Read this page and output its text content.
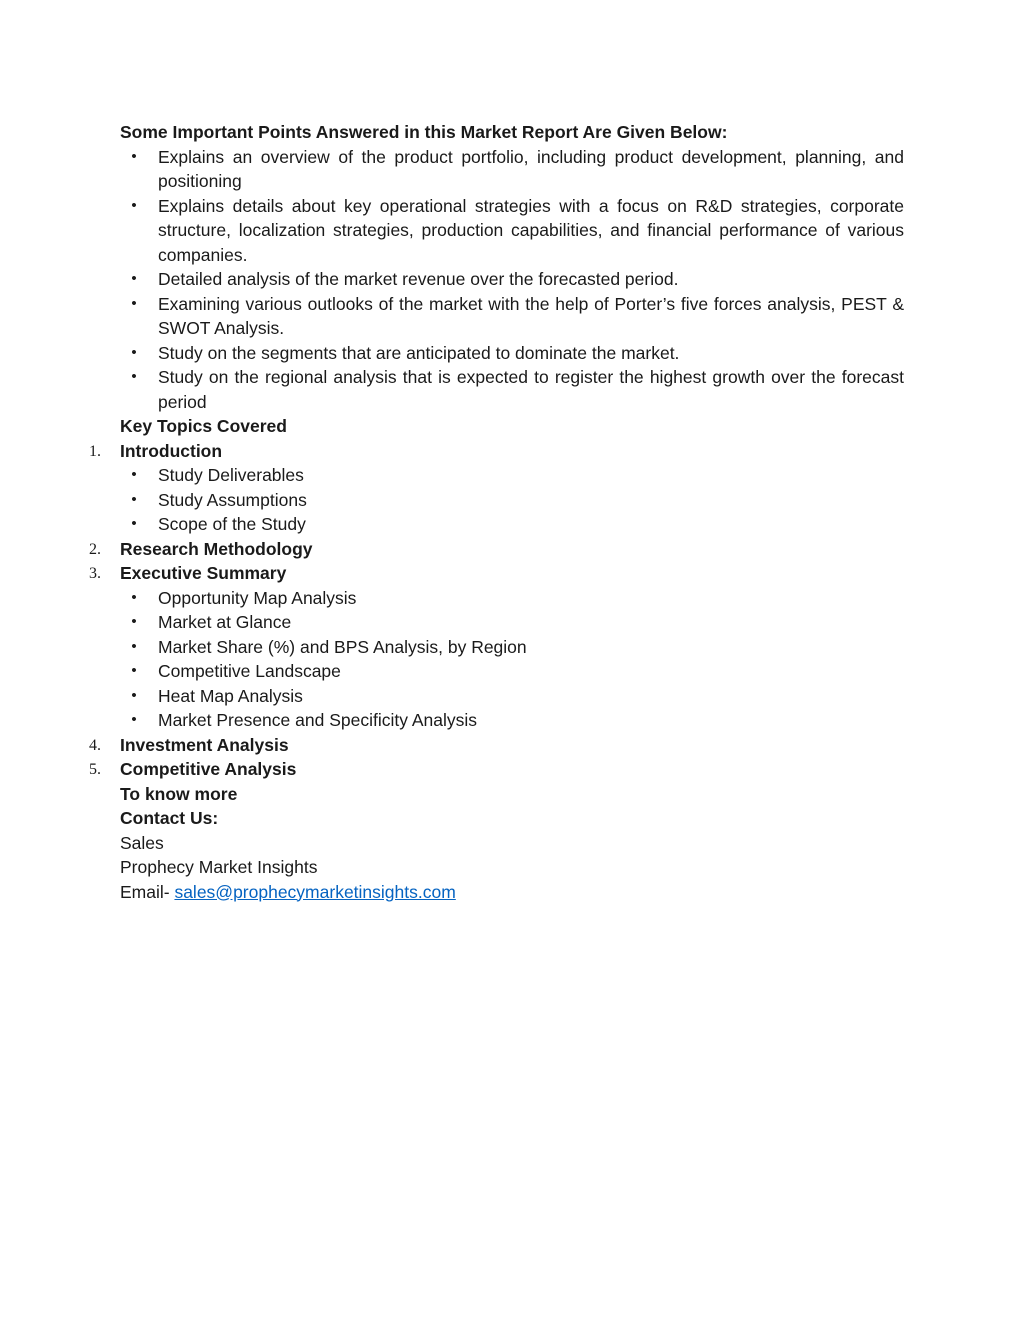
Some Important Points Answered in this Market Report Are Given Below:
• Explains an overview of the product portfolio, including product development, planning, and positioning
• Explains details about key operational strategies with a focus on R&D strategies, corporate structure, localization strategies, production capabilities, and financial performance of various companies.
• Detailed analysis of the market revenue over the forecasted period.
• Examining various outlooks of the market with the help of Porter’s five forces analysis, PEST & SWOT Analysis.
• Study on the segments that are anticipated to dominate the market.
• Study on the regional analysis that is expected to register the highest growth over the forecast period
Key Topics Covered
1. Introduction
• Study Deliverables
• Study Assumptions
• Scope of the Study
2. Research Methodology
3. Executive Summary
• Opportunity Map Analysis
• Market at Glance
• Market Share (%) and BPS Analysis, by Region
• Competitive Landscape
• Heat Map Analysis
• Market Presence and Specificity Analysis
4. Investment Analysis
5. Competitive Analysis
To know more
Contact Us:
Sales
Prophecy Market Insights
Email- sales@prophecymarketinsights.com
